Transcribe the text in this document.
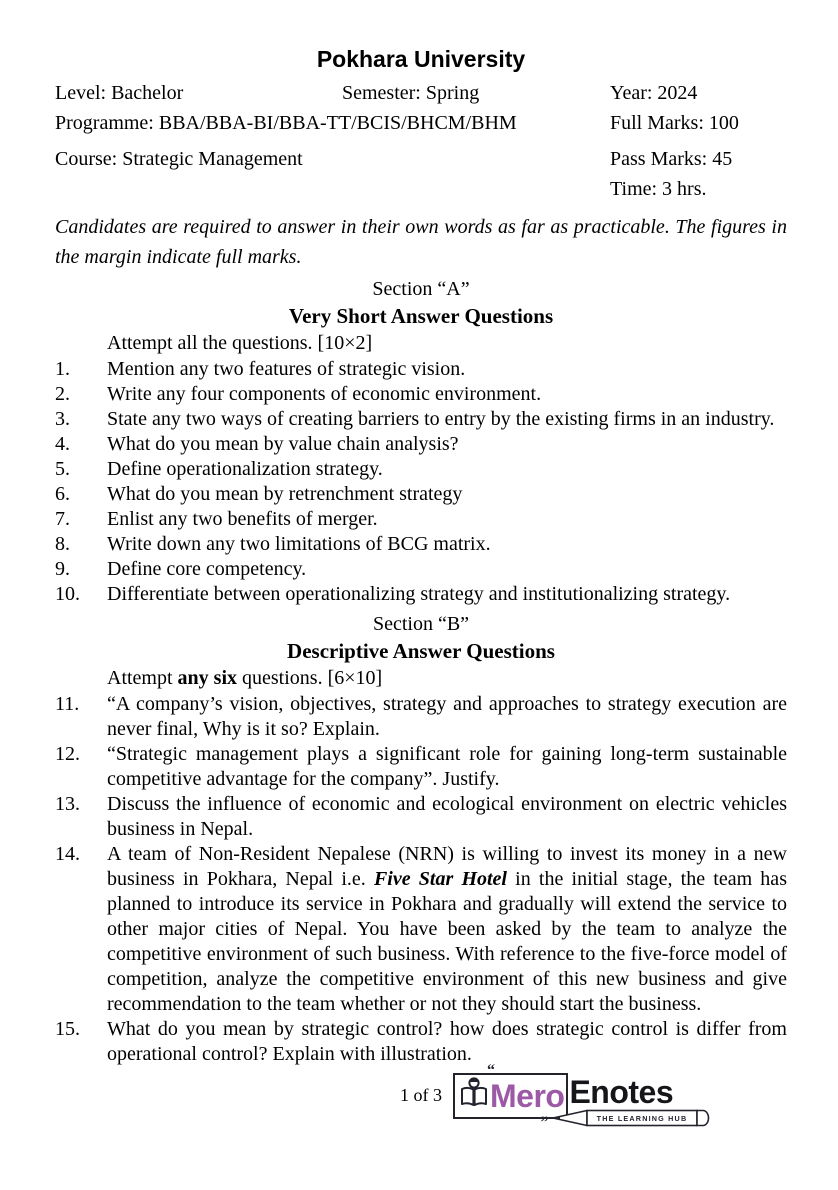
Pokhara University
Level: Bachelor	Semester: Spring	Year: 2024
Programme: BBA/BBA-BI/BBA-TT/BCIS/BHCM/BHM	Full Marks: 100
Course: Strategic Management	Pass Marks: 45
Time: 3 hrs.
Candidates are required to answer in their own words as far as practicable. The figures in the margin indicate full marks.
Section “A”
Very Short Answer Questions
Attempt all the questions. [10×2]
1.	Mention any two features of strategic vision.
2.	Write any four components of economic environment.
3.	State any two ways of creating barriers to entry by the existing firms in an industry.
4.	What do you mean by value chain analysis?
5.	Define operationalization strategy.
6.	What do you mean by retrenchment strategy
7.	Enlist any two benefits of merger.
8.	Write down any two limitations of BCG matrix.
9.	Define core competency.
10.	Differentiate between operationalizing strategy and institutionalizing strategy.
Section “B”
Descriptive Answer Questions
Attempt any six questions. [6×10]
11.	“A company’s vision, objectives, strategy and approaches to strategy execution are never final, Why is it so? Explain.
12.	“Strategic management plays a significant role for gaining long-term sustainable competitive advantage for the company”. Justify.
13.	Discuss the influence of economic and ecological environment on electric vehicles business in Nepal.
14.	A team of Non-Resident Nepalese (NRN) is willing to invest its money in a new business in Pokhara, Nepal i.e. Five Star Hotel in the initial stage, the team has planned to introduce its service in Pokhara and gradually will extend the service to other major cities of Nepal. You have been asked by the team to analyze the competitive environment of such business. With reference to the five-force model of competition, analyze the competitive environment of this new business and give recommendation to the team whether or not they should start the business.
15.	What do you mean by strategic control? how does strategic control is differ from operational control? Explain with illustration.
1 of 3
“
Mero
”
Enotes
THE LEARNING HUB
